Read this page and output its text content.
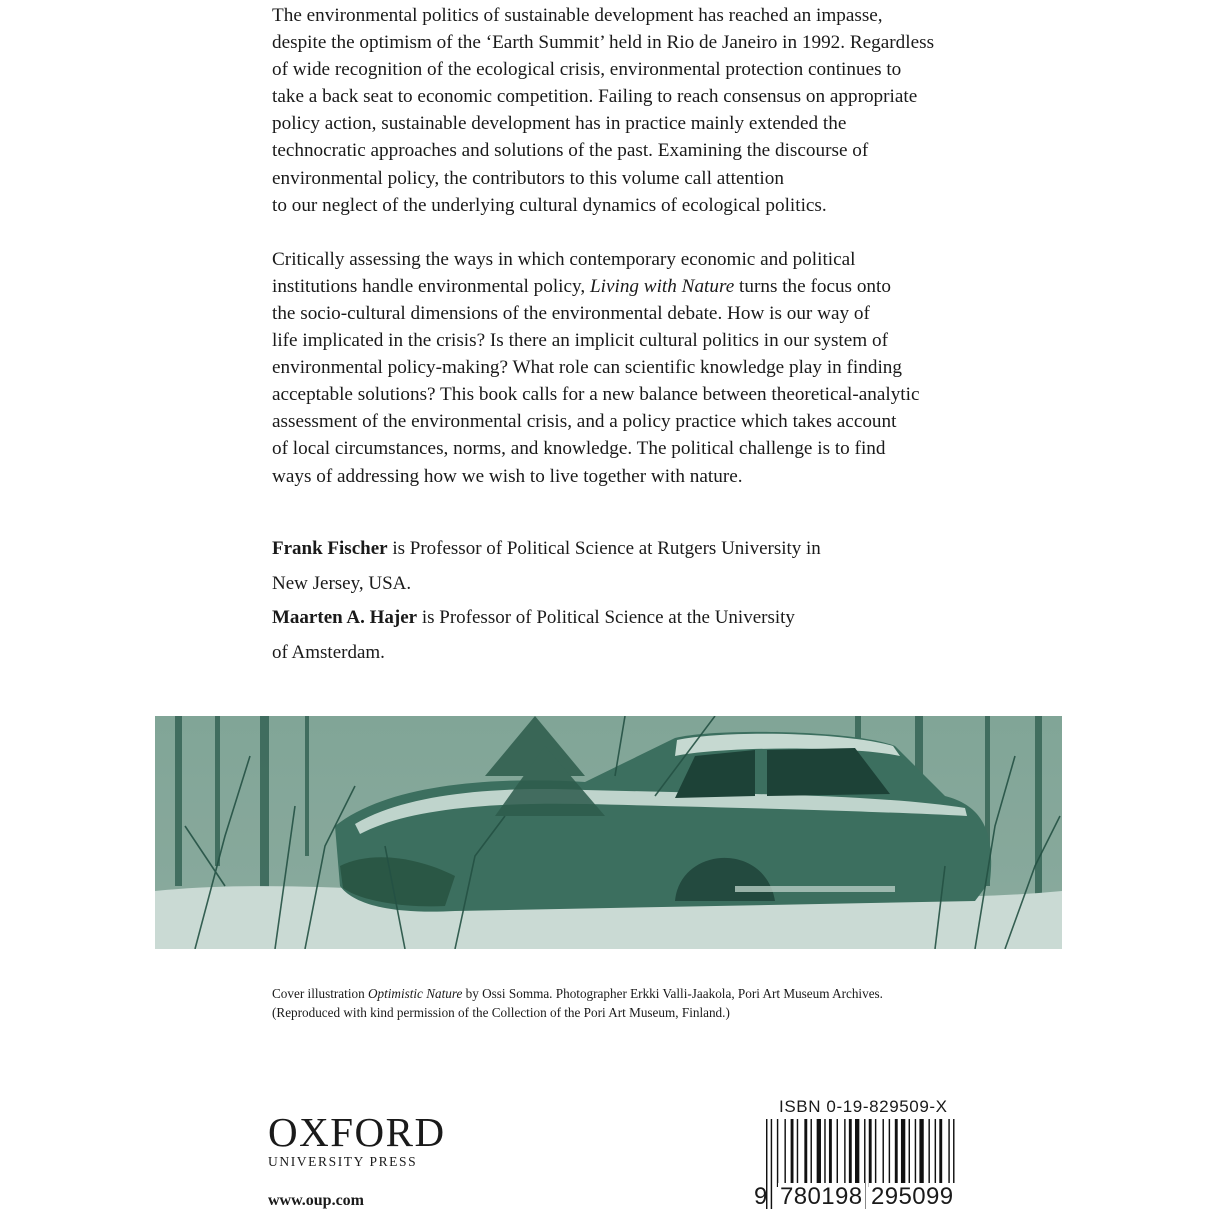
The environmental politics of sustainable development has reached an impasse,
despite the optimism of the ‘Earth Summit’ held in Rio de Janeiro in 1992. Regardless
of wide recognition of the ecological crisis, environmental protection continues to
take a back seat to economic competition. Failing to reach consensus on appropriate
policy action, sustainable development has in practice mainly extended the
technocratic approaches and solutions of the past. Examining the discourse of
environmental policy, the contributors to this volume call attention
to our neglect of the underlying cultural dynamics of ecological politics.

Critically assessing the ways in which contemporary economic and political
institutions handle environmental policy, Living with Nature turns the focus onto
the socio-cultural dimensions of the environmental debate. How is our way of
life implicated in the crisis? Is there an implicit cultural politics in our system of
environmental policy-making? What role can scientific knowledge play in finding
acceptable solutions? This book calls for a new balance between theoretical-analytic
assessment of the environmental crisis, and a policy practice which takes account
of local circumstances, norms, and knowledge. The political challenge is to find
ways of addressing how we wish to live together with nature.

Frank Fischer is Professor of Political Science at Rutgers University in
New Jersey, USA.
Maarten A. Hajer is Professor of Political Science at the University
of Amsterdam.
Cover illustration Optimistic Nature by Ossi Somma. Photographer Erkki Valli-Jaakola, Pori Art Museum Archives.
(Reproduced with kind permission of the Collection of the Pori Art Museum, Finland.)
OXFORD
UNIVERSITY PRESS
www.oup.com
ISBN 0-19-829509-X
9 780198 295099
